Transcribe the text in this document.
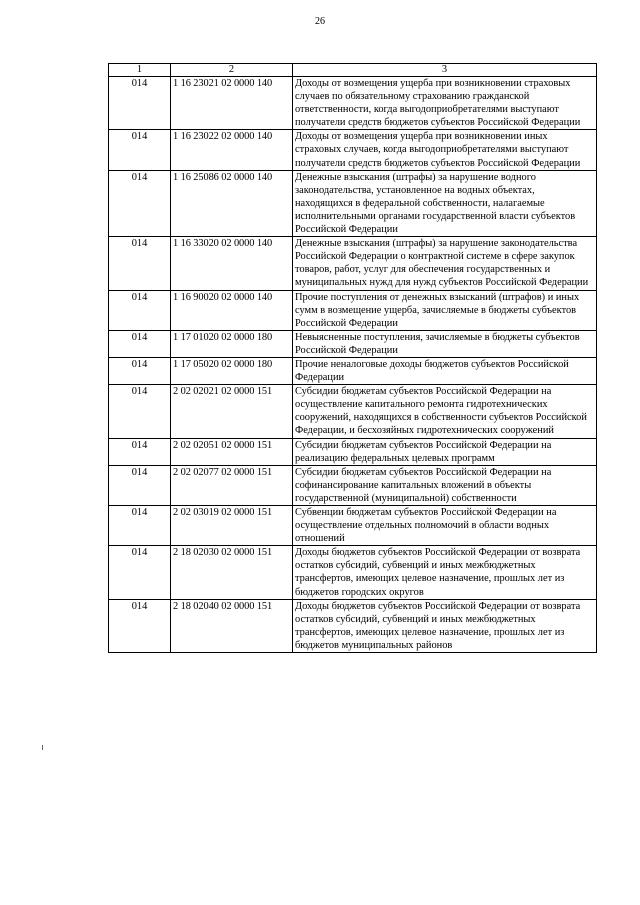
26
1	2	3
014	1 16 23021 02 0000 140	Доходы от возмещения ущерба при возникновении страховых случаев по обязательному страхованию гражданской ответственности, когда выгодоприобретателями выступают получатели средств бюджетов субъектов Российской Федерации
014	1 16 23022 02 0000 140	Доходы от возмещения ущерба при возникновении иных страховых случаев, когда выгодоприобретателями выступают получатели средств бюджетов субъектов Российской Федерации
014	1 16 25086 02 0000 140	Денежные взыскания (штрафы) за нарушение водного законодательства, установленное на водных объектах, находящихся в федеральной собственности, налагаемые исполнительными органами государственной власти субъектов Российской Федерации
014	1 16 33020 02 0000 140	Денежные взыскания (штрафы) за нарушение законодательства Российской Федерации о контрактной системе в сфере закупок товаров, работ, услуг для обеспечения государственных и муниципальных нужд для нужд субъектов Российской Федерации
014	1 16 90020 02 0000 140	Прочие поступления от денежных взысканий (штрафов) и иных сумм в возмещение ущерба, зачисляемые в бюджеты субъектов Российской Федерации
014	1 17 01020 02 0000 180	Невыясненные поступления, зачисляемые в бюджеты субъектов Российской Федерации
014	1 17 05020 02 0000 180	Прочие неналоговые доходы бюджетов субъектов Российской Федерации
014	2 02 02021 02 0000 151	Субсидии бюджетам субъектов Российской Федерации на осуществление капитального ремонта гидротехнических сооружений, находящихся в собственности субъектов Российской Федерации, и бесхозяйных гидротехнических сооружений
014	2 02 02051 02 0000 151	Субсидии бюджетам субъектов Российской Федерации на реализацию федеральных целевых программ
014	2 02 02077 02 0000 151	Субсидии бюджетам субъектов Российской Федерации на софинансирование капитальных вложений в объекты государственной (муниципальной) собственности
014	2 02 03019 02 0000 151	Субвенции бюджетам субъектов Российской Федерации на осуществление отдельных полномочий в области водных отношений
014	2 18 02030 02 0000 151	Доходы бюджетов субъектов Российской Федерации от возврата остатков субсидий, субвенций и иных межбюджетных трансфертов, имеющих целевое назначение, прошлых лет из бюджетов городских округов
014	2 18 02040 02 0000 151	Доходы бюджетов субъектов Российской Федерации от возврата остатков субсидий, субвенций и иных межбюджетных трансфертов, имеющих целевое назначение, прошлых лет из бюджетов муниципальных районов
